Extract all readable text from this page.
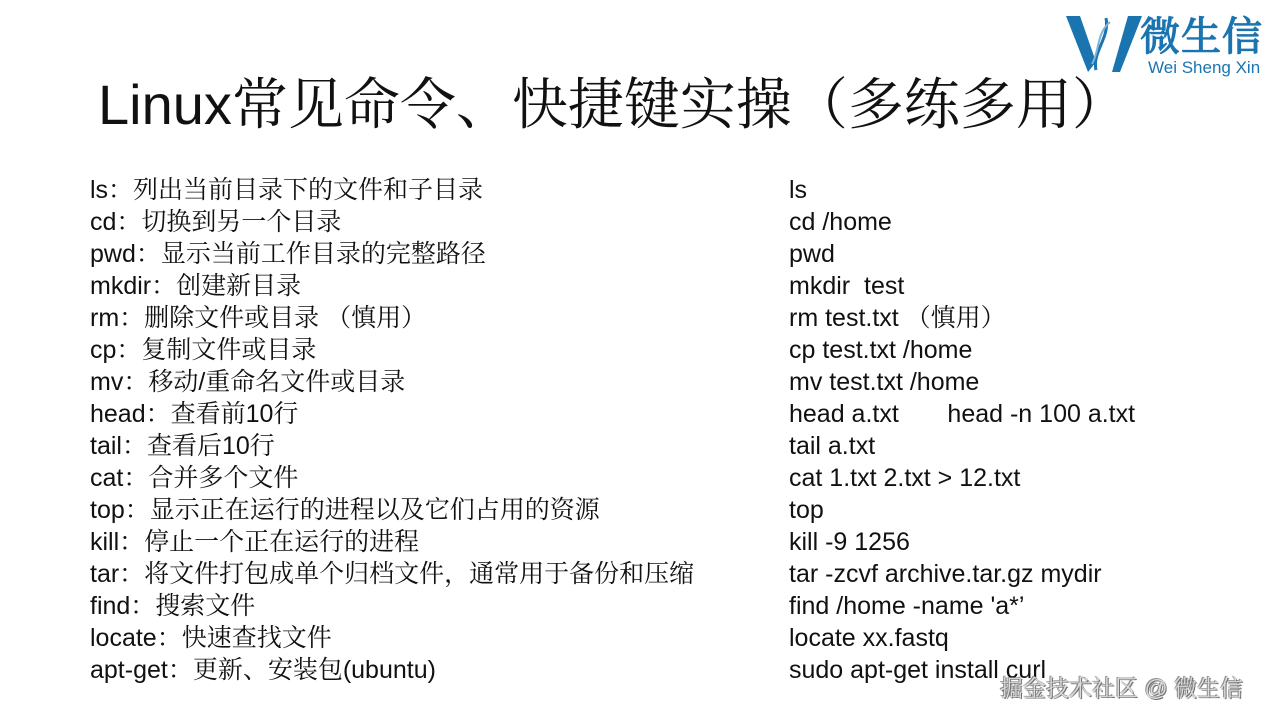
Linux常见命令、快捷键实操（多练多用）
微生信
Wei Sheng Xin
ls：列出当前目录下的文件和子目录
cd：切换到另一个目录
pwd：显示当前工作目录的完整路径
mkdir：创建新目录
rm：删除文件或目录 （慎用）
cp：复制文件或目录
mv：移动/重命名文件或目录
head：查看前10行
tail：查看后10行
cat：合并多个文件
top：显示正在运行的进程以及它们占用的资源
kill：停止一个正在运行的进程
tar：将文件打包成单个归档文件，通常用于备份和压缩
find：搜索文件
locate：快速查找文件
apt-get：更新、安装包(ubuntu)
ls
cd /home
pwd
mkdir  test
rm test.txt （慎用）
cp test.txt /home
mv test.txt /home
head a.txt       head -n 100 a.txt
tail a.txt
cat 1.txt 2.txt > 12.txt
top
kill -9 1256
tar -zcvf archive.tar.gz mydir
find /home -name 'a*’
locate xx.fastq
sudo apt-get install curl
掘金技术社区 @ 微生信
